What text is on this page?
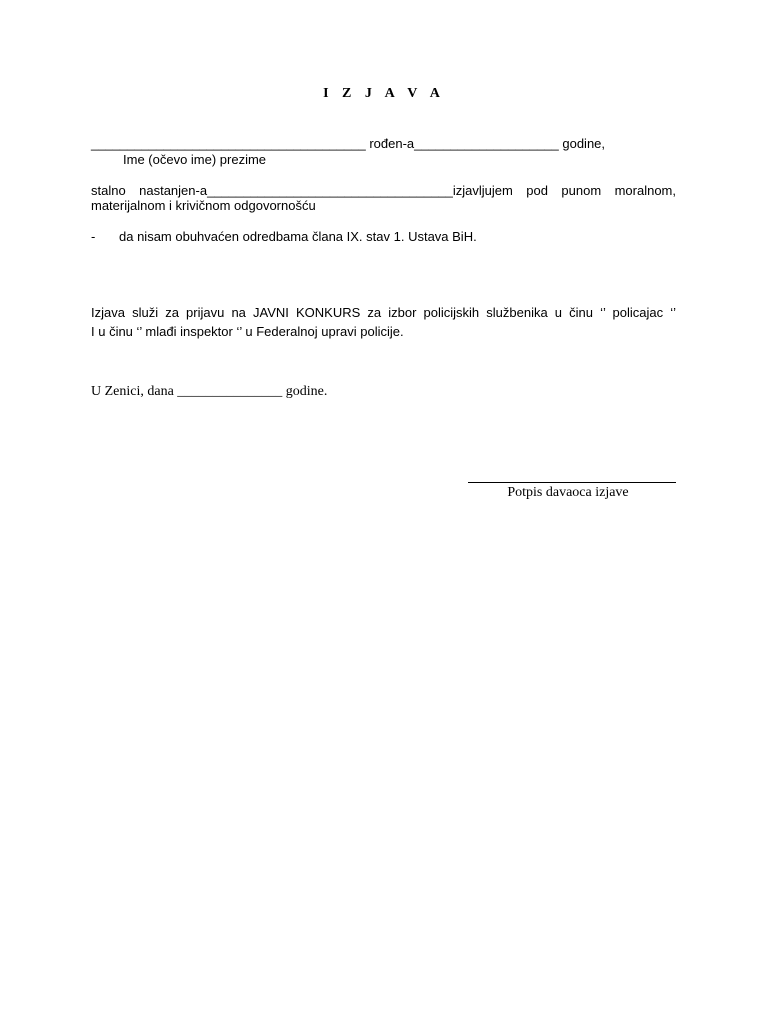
I Z J A V A
______________________________________ rođen-a____________________ godine,
Ime (očevo ime) prezime
stalno nastanjen-a__________________________________izjavljujem pod punom moralnom,
materijalnom i krivičnom odgovornošću
- da nisam obuhvaćen odredbama člana IX. stav 1. Ustava BiH.
Izjava služi za prijavu na JAVNI KONKURS za izbor policijskih službenika u činu ‘’ policajac ‘’
I u činu ‘’ mlađi inspektor ‘’ u Federalnoj upravi policije.
U Zenici, dana _______________ godine.
Potpis davaoca izjave
